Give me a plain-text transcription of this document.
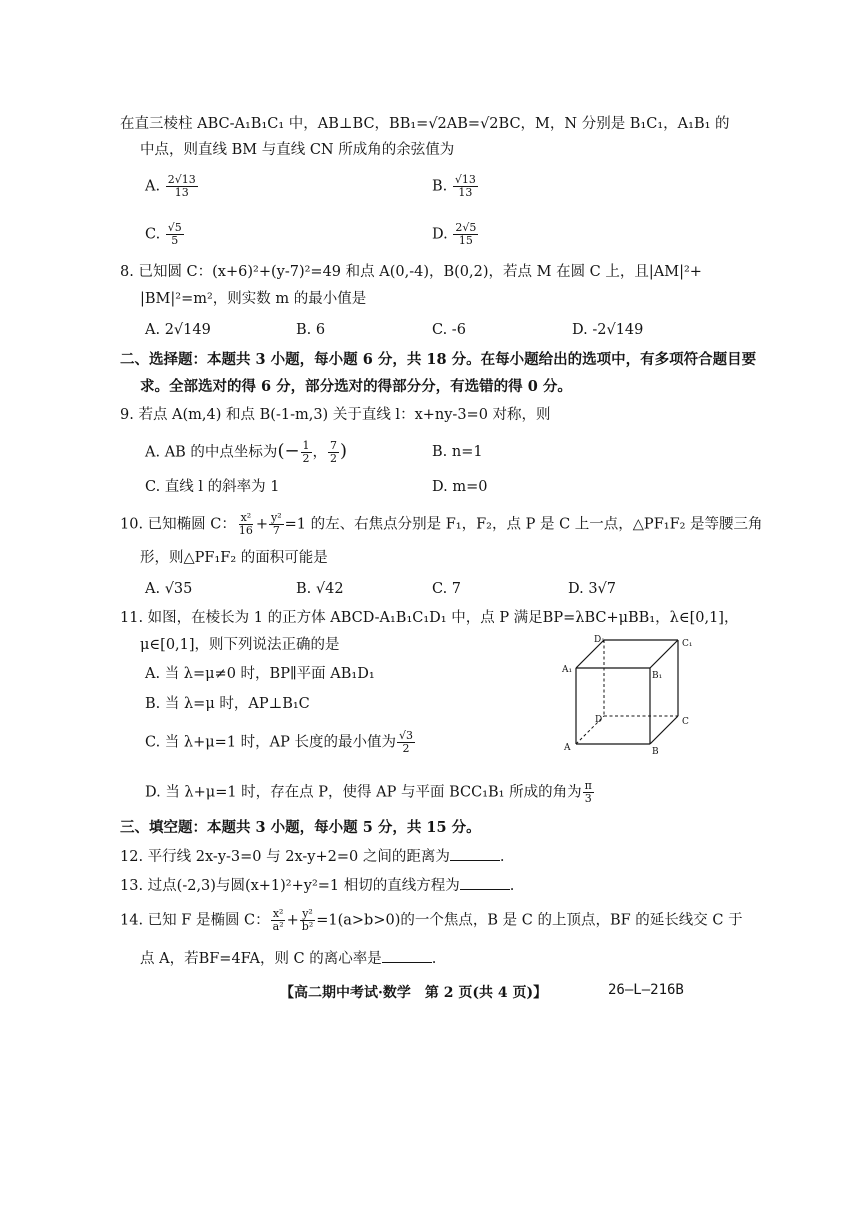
在直三棱柱 ABC-A₁B₁C₁ 中，AB⊥BC，BB₁=√2AB=√2BC，M，N 分别是 B₁C₁，A₁B₁ 的
中点，则直线 BM 与直线 CN 所成角的余弦值为
A. $\frac{2√13}{13}$	B. $\frac{√13}{13}$
C. $\frac{√5}{5}$	D. $\frac{2√5}{15}$
8. 已知圆 C：(x+6)²+(y-7)²=49 和点 A(0,-4)，B(0,2)，若点 M 在圆 C 上，且|AM|²+
|BM|²=m²，则实数 m 的最小值是
A. 2√149	B. 6	C. -6	D. -2√149
二、选择题：本题共 3 小题，每小题 6 分，共 18 分。在每小题给出的选项中，有多项符合题目要
求。全部选对的得 6 分，部分选对的得部分分，有选错的得 0 分。
9. 若点 A(m,4) 和点 B(-1-m,3) 关于直线 l：x+ny-3=0 对称，则
A. AB 的中点坐标为(− $\frac{1}{2}$ ， $\frac{7}{2}$ )	B. n=1
C. 直线 l 的斜率为 1	D. m=0
10. 已知椭圆 C： $\frac{\text{x²}}{16} + \frac{\text{y²}}{7} =1$ 的左、右焦点分别是 F₁，F₂，点 P 是 C 上一点，△PF₁F₂ 是等腰三角
形，则△PF₁F₂ 的面积可能是
A. √35	B. √42	C. 7	D. 3√7
11. 如图，在棱长为 1 的正方体 ABCD-A₁B₁C₁D₁ 中，点 P 满足BP=λBC+μBB₁，λ∈[0,1]，
μ∈[0,1]，则下列说法正确的是
A. 当 λ=μ≠0 时，BP∥平面 AB₁D₁
B. 当 λ=μ 时，AP⊥B₁C
C. 当 λ+μ=1 时，AP 长度的最小值为 $\frac{√3}{2}$
D. 当 λ+μ=1 时，存在点 P，使得 AP 与平面 BCC₁B₁ 所成的角为 $\frac{\pi}{3}$
D₁	C₁
A₁
B₁
D	C
A	B
三、填空题：本题共 3 小题，每小题 5 分，共 15 分。
12. 平行线 2x-y-3=0 与 2x-y+2=0 之间的距离为	.
13. 过点(-2,3)与圆(x+1)²+y²=1 相切的直线方程为	.
14. 已知 F 是椭圆 C： $\frac{\text{x²}}{\text{a²}} + \frac{\text{y²}}{\text{b²}} =1(a>b>0)$的一个焦点，B 是 C 的上顶点，BF 的延长线交 C 于
点 A，若BF=4FA，则 C 的离心率是	.
【高二期中考试·数学　第 2 页(共 4 页)】	26—L—216B
